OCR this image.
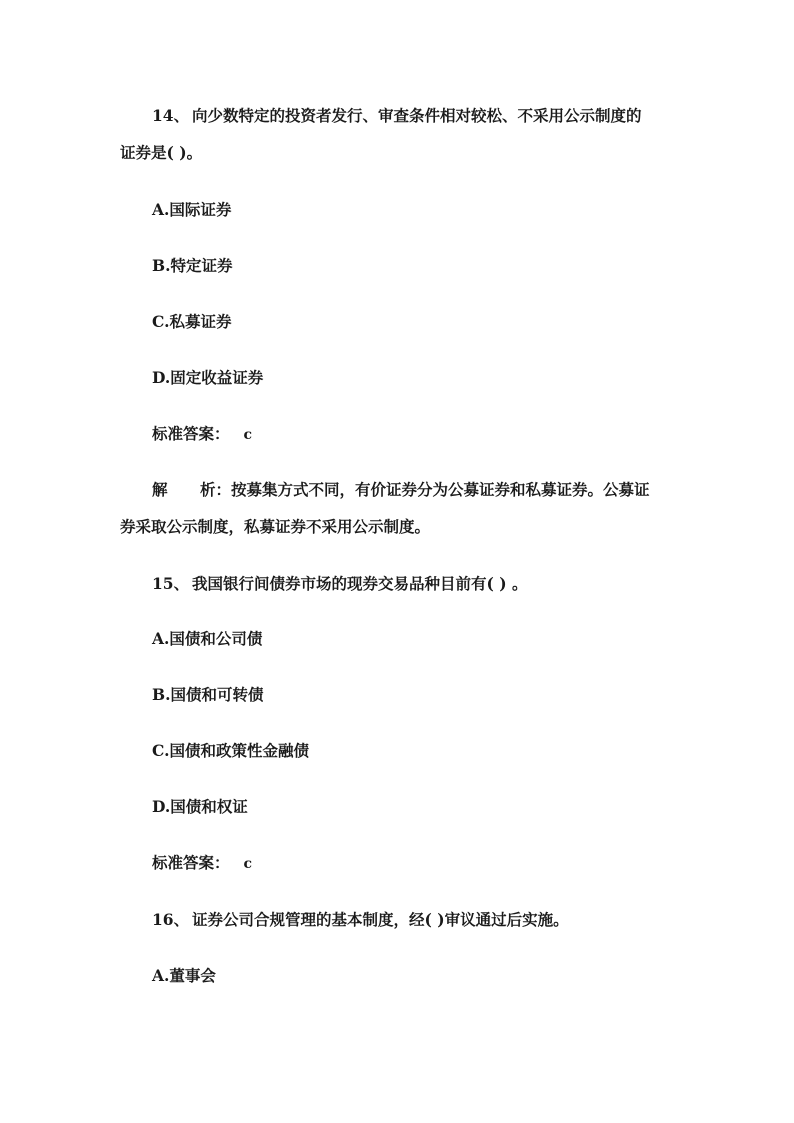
14、 向少数特定的投资者发行、审查条件相对较松、不采用公示制度的
证券是( )。
A.国际证券
B.特定证券
C.私募证券
D.固定收益证券
标准答案： c
解 析：按募集方式不同，有价证券分为公募证券和私募证券。公募证
券采取公示制度，私募证券不采用公示制度。
15、 我国银行间债券市场的现券交易品种目前有( ) 。
A.国债和公司债
B.国债和可转债
C.国债和政策性金融债
D.国债和权证
标准答案： c
16、 证券公司合规管理的基本制度，经( )审议通过后实施。
A.董事会
